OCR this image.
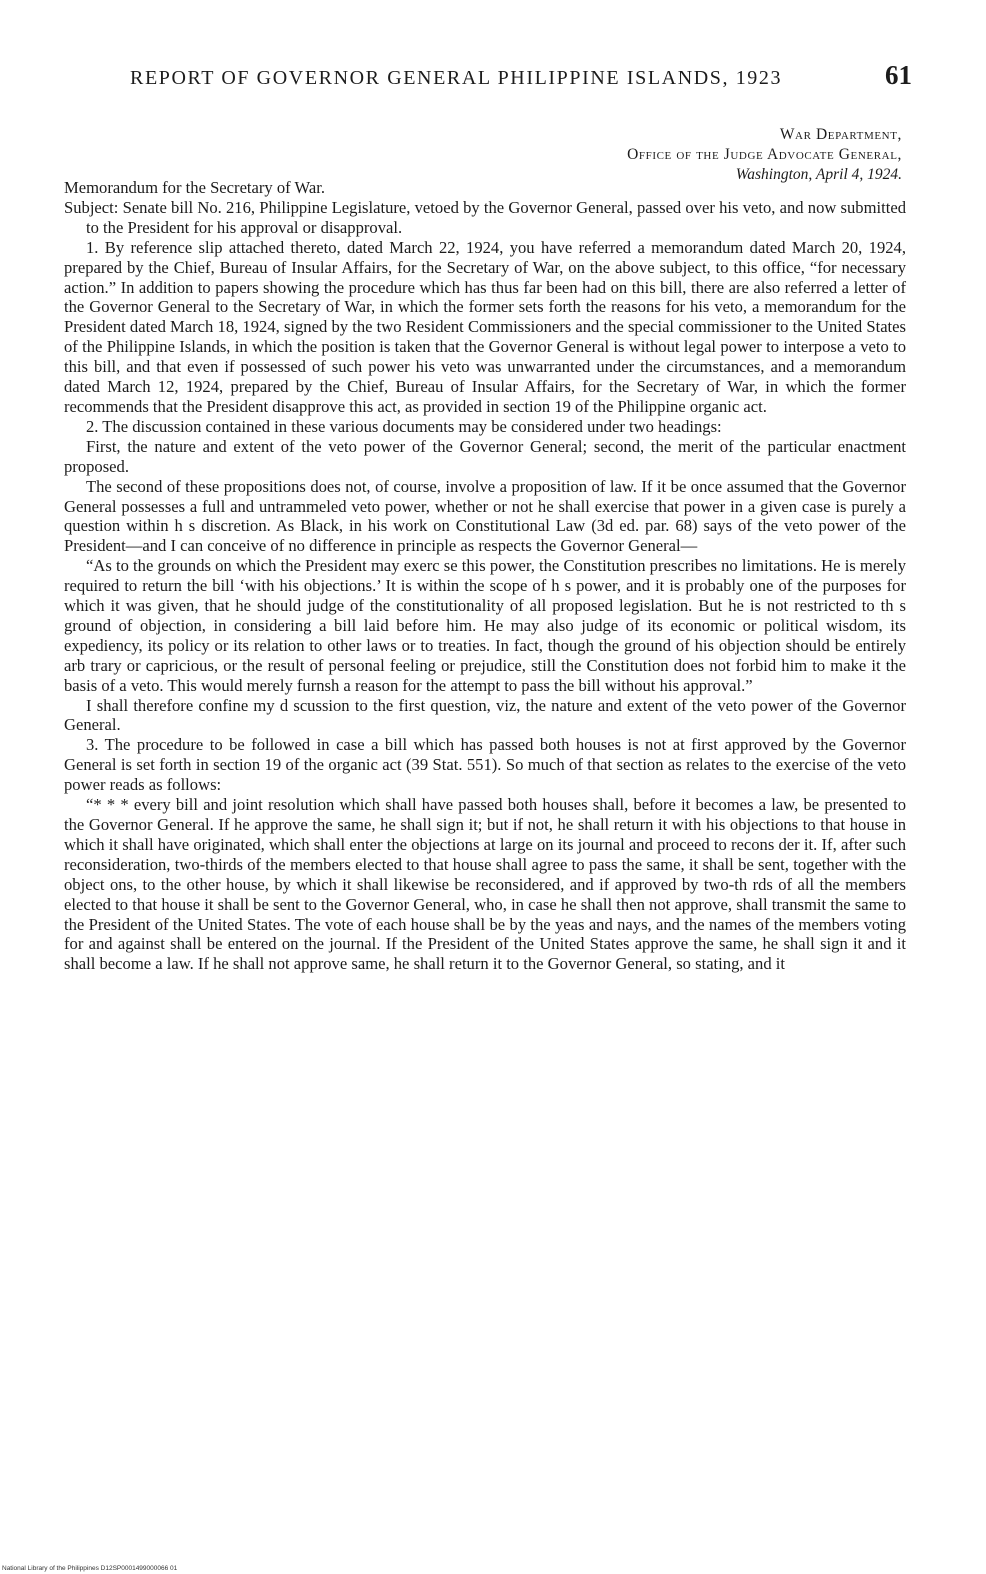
REPORT OF GOVERNOR GENERAL PHILIPPINE ISLANDS, 1923	61
War Department,
Office of the Judge Advocate General,
Washington, April 4, 1924.

Memorandum for the Secretary of War.

Subject: Senate bill No. 216, Philippine Legislature, vetoed by the Governor General, passed over his veto, and now submitted to the President for his approval or disapproval.

1. By reference slip attached thereto, dated March 22, 1924, you have referred a memorandum dated March 20, 1924, prepared by the Chief, Bureau of Insular Affairs, for the Secretary of War, on the above subject, to this office, “for necessary action.” In addition to papers showing the procedure which has thus far been had on this bill, there are also referred a letter of the Governor General to the Secretary of War, in which the former sets forth the reasons for his veto, a memorandum for the President dated March 18, 1924, signed by the two Resident Commissioners and the special commissioner to the United States of the Philippine Islands, in which the position is taken that the Governor General is without legal power to interpose a veto to this bill, and that even if possessed of such power his veto was unwarranted under the circumstances, and a memorandum dated March 12, 1924, prepared by the Chief, Bureau of Insular Affairs, for the Secretary of War, in which the former recommends that the President disapprove this act, as provided in section 19 of the Philippine organic act.

2. The discussion contained in these various documents may be considered under two headings:

First, the nature and extent of the veto power of the Governor General; second, the merit of the particular enactment proposed.

The second of these propositions does not, of course, involve a proposition of law. If it be once assumed that the Governor General possesses a full and untrammeled veto power, whether or not he shall exercise that power in a given case is purely a question within h s discretion. As Black, in his work on Constitutional Law (3d ed. par. 68) says of the veto power of the President—and I can conceive of no difference in principle as respects the Governor General—

“As to the grounds on which the President may exerc se this power, the Constitution prescribes no limitations. He is merely required to return the bill ‘with his objections.’ It is within the scope of h s power, and it is probably one of the purposes for which it was given, that he should judge of the constitutionality of all proposed legislation. But he is not restricted to th s ground of objection, in considering a bill laid before him. He may also judge of its economic or political wisdom, its expediency, its policy or its relation to other laws or to treaties. In fact, though the ground of his objection should be entirely arb trary or capricious, or the result of personal feeling or prejudice, still the Constitution does not forbid him to make it the basis of a veto. This would merely furnsh a reason for the attempt to pass the bill without his approval.”

I shall therefore confine my d scussion to the first question, viz, the nature and extent of the veto power of the Governor General.

3. The procedure to be followed in case a bill which has passed both houses is not at first approved by the Governor General is set forth in section 19 of the organic act (39 Stat. 551). So much of that section as relates to the exercise of the veto power reads as follows:

“* * * every bill and joint resolution which shall have passed both houses shall, before it becomes a law, be presented to the Governor General. If he approve the same, he shall sign it; but if not, he shall return it with his objections to that house in which it shall have originated, which shall enter the objections at large on its journal and proceed to recons der it. If, after such reconsideration, two-thirds of the members elected to that house shall agree to pass the same, it shall be sent, together with the object ons, to the other house, by which it shall likewise be reconsidered, and if approved by two-th rds of all the members elected to that house it shall be sent to the Governor General, who, in case he shall then not approve, shall transmit the same to the President of the United States. The vote of each house shall be by the yeas and nays, and the names of the members voting for and against shall be entered on the journal. If the President of the United States approve the same, he shall sign it and it shall become a law. If he shall not approve same, he shall return it to the Governor General, so stating, and it

National Library of the Philippines D12SP0001499000066 01
